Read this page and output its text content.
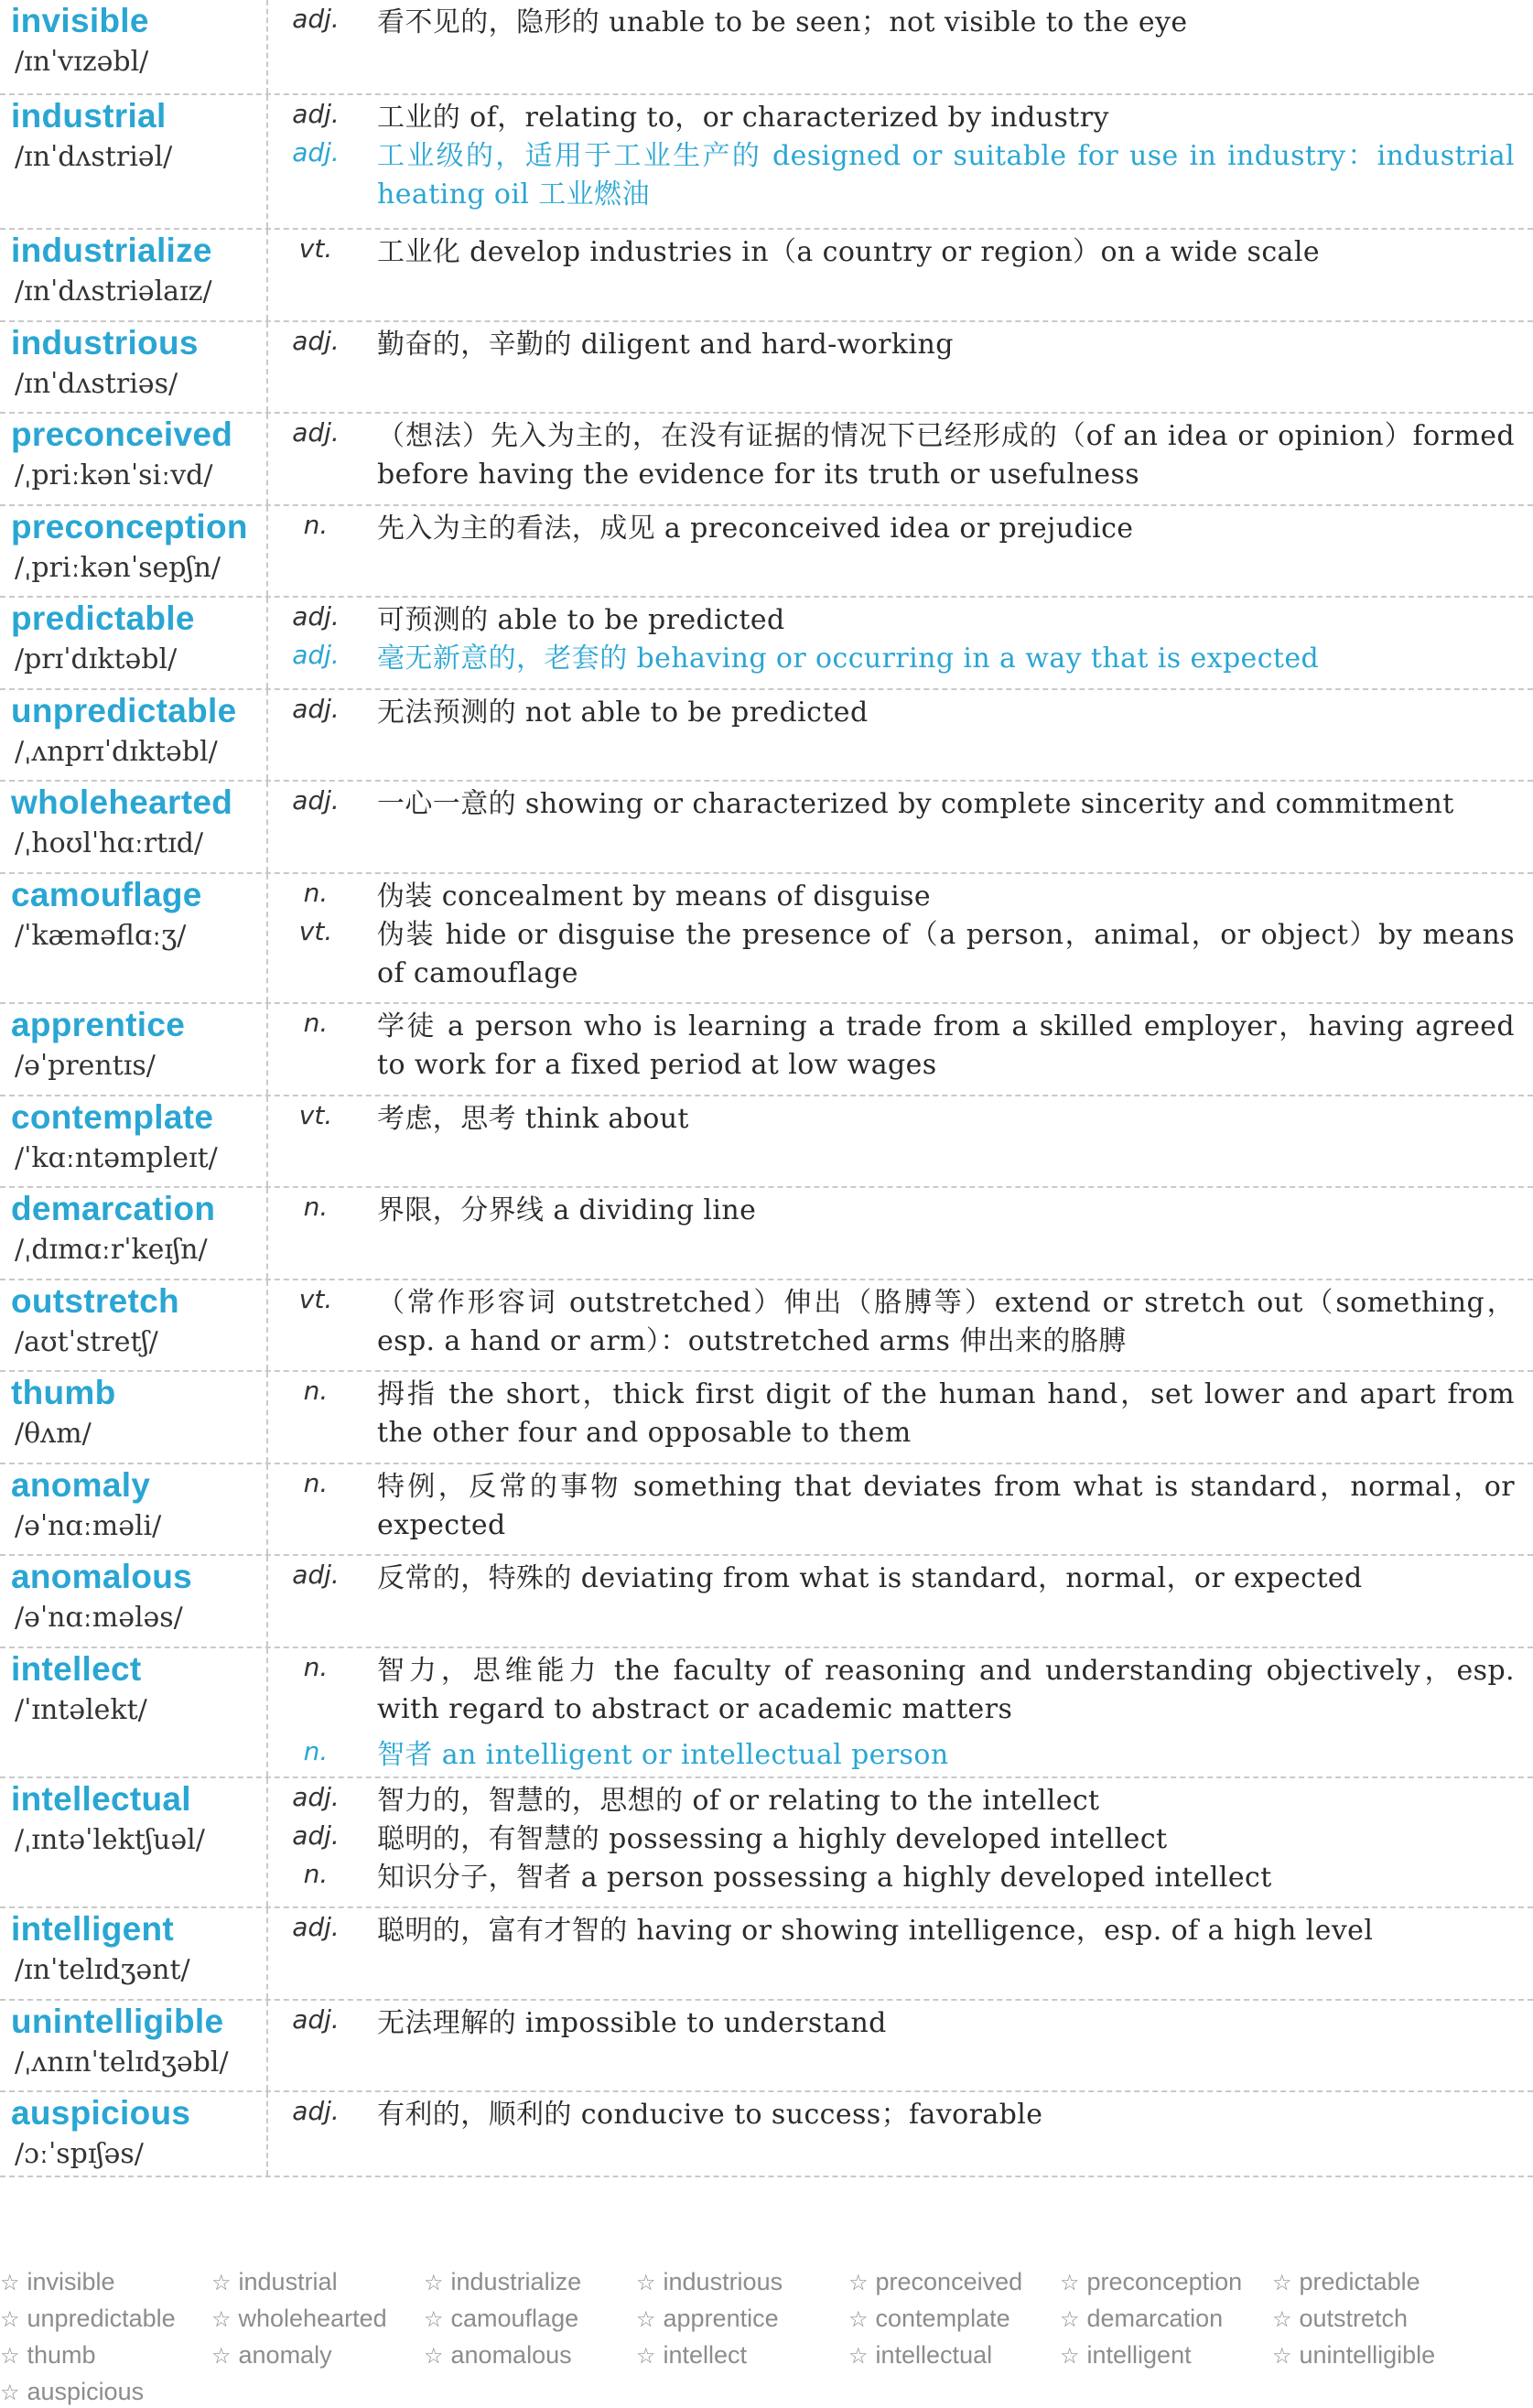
invisible
/ɪnˈvɪzəbl/
adj.	看不见的，隐形的 unable to be seen；not visible to the eye
industrial
/ɪnˈdʌstriəl/
adj.	工业的 of，relating to，or characterized by industry
adj.	工业级的，适用于工业生产的 designed or suitable for use in industry：industrial heating oil 工业燃油
industrialize
/ɪnˈdʌstriəlaɪz/
vt.	工业化 develop industries in（a country or region）on a wide scale
industrious
/ɪnˈdʌstriəs/
adj.	勤奋的，辛勤的 diligent and hard-working
preconceived
/ˌpriːkənˈsiːvd/
adj.	（想法）先入为主的，在没有证据的情况下已经形成的（of an idea or opinion）formed before having the evidence for its truth or usefulness
preconception
/ˌpriːkənˈsepʃn/
n.	先入为主的看法，成见 a preconceived idea or prejudice
predictable
/prɪˈdɪktəbl/
adj.	可预测的 able to be predicted
adj.	毫无新意的，老套的 behaving or occurring in a way that is expected
unpredictable
/ˌʌnprɪˈdɪktəbl/
adj.	无法预测的 not able to be predicted
wholehearted
/ˌhoʊlˈhɑːrtɪd/
adj.	一心一意的 showing or characterized by complete sincerity and commitment
camouflage
/ˈkæməflɑːʒ/
n.	伪装 concealment by means of disguise
vt.	伪装 hide or disguise the presence of（a person，animal，or object）by means of camouflage
apprentice
/əˈprentɪs/
n.	学徒 a person who is learning a trade from a skilled employer，having agreed to work for a fixed period at low wages
contemplate
/ˈkɑːntəmpleɪt/
vt.	考虑，思考 think about
demarcation
/ˌdɪmɑːrˈkeɪʃn/
n.	界限，分界线 a dividing line
outstretch
/aʊtˈstretʃ/
vt.	（常作形容词 outstretched）伸出（胳膊等）extend or stretch out（something，esp. a hand or arm）：outstretched arms 伸出来的胳膊
thumb
/θʌm/
n.	拇指 the short，thick first digit of the human hand，set lower and apart from the other four and opposable to them
anomaly
/əˈnɑːməli/
n.	特例，反常的事物 something that deviates from what is standard，normal，or expected
anomalous
/əˈnɑːmələs/
adj.	反常的，特殊的 deviating from what is standard，normal，or expected
intellect
/ˈɪntəlekt/
n.	智力，思维能力 the faculty of reasoning and understanding objectively，esp. with regard to abstract or academic matters
n.	智者 an intelligent or intellectual person
intellectual
/ˌɪntəˈlektʃuəl/
adj.	智力的，智慧的，思想的 of or relating to the intellect
adj.	聪明的，有智慧的 possessing a highly developed intellect
n.	知识分子，智者 a person possessing a highly developed intellect
intelligent
/ɪnˈtelɪdʒənt/
adj.	聪明的，富有才智的 having or showing intelligence，esp. of a high level
unintelligible
/ˌʌnɪnˈtelɪdʒəbl/
adj.	无法理解的 impossible to understand
auspicious
/ɔːˈspɪʃəs/
adj.	有利的，顺利的 conducive to success；favorable
☆ invisible	☆ industrial	☆ industrialize ☆ industrious	☆ preconceived ☆ preconception ☆ predictable
☆ unpredictable ☆ wholehearted ☆ camouflage	☆ apprentice	☆ contemplate ☆ demarcation ☆ outstretch
☆ thumb	☆ anomaly	☆ anomalous	☆ intellect	☆ intellectual	☆ intelligent	☆ unintelligible
☆ auspicious
